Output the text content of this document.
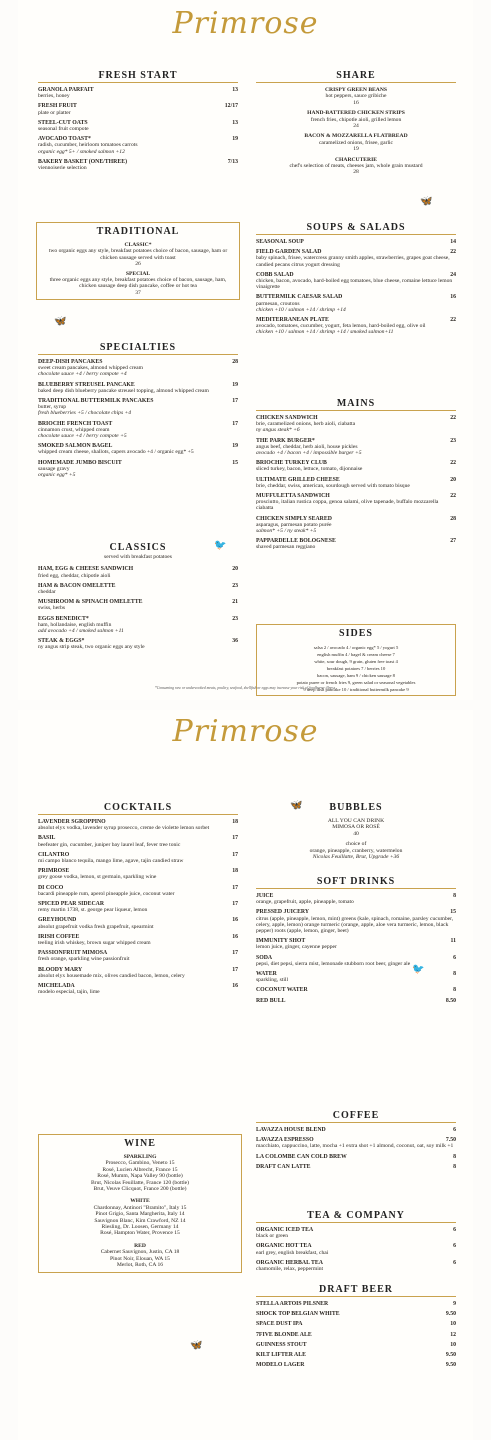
Primrose
FRESH START
GRANOLA PARFAIT	13
berries, honey
FRESH FRUIT	12/17
plate or platter
STEEL-CUT OATS	13
seasonal fruit compote
AVOCADO TOAST*	19
radish, cucumber, heirloom tomatoes carrots
organic egg* 5+ / smoked salmon +12
BAKERY BASKET (ONE/THREE)	7/13
viennoiserie selection
SHARE
CRISPY GREEN BEANS
hot peppers, sauce gribiche
16
HAND-BATTERED CHICKEN STRIPS
french fries, chipotle aioli, grilled lemon
24
BACON & MOZZARELLA FLATBREAD
caramelized onions, frisee, garlic
19
CHARCUTERIE
chef's selection of meats, cheeses jam, whole grain mustard
28
TRADITIONAL
CLASSIC*
two organic eggs any style, breakfast potatoes choice of bacon, sausage, ham or chicken sausage served with toast
26
SPECIAL
three organic eggs any style, breakfast potatoes choice of bacon, sausage, ham, chicken sausage deep dish pancake, coffee or hot tea
37
🦋
SOUPS & SALADS
SEASONAL SOUP	14
FIELD GARDEN SALAD	22
baby spinach, frisee, watercress granny smith apples, strawberries, grapes goat cheese, candied pecans citrus yogurt dressing
COBB SALAD	24
chicken, bacon, avocado, hard-boiled egg tomatoes, blue cheese, romaine lettuce lemon vinaigrette
BUTTERMILK CAESAR SALAD	16
parmesan, croutons
chicken +10 / salmon +14 / shrimp +14
MEDITERRANEAN PLATE	22
avocado, tomatoes, cucumber, yogurt, feta lemon, hard-boiled egg, olive oil
chicken +10 / salmon +14 / shrimp +14 / smoked salmon+11
🦋
SPECIALTIES
DEEP-DISH PANCAKES	28
sweet cream pancakes, almond whipped cream
chocolate sauce +4 / berry compote +4
BLUEBERRY STREUSEL PANCAKE	19
baked deep dish blueberry pancake streusel topping, almond whipped cream
TRADITIONAL BUTTERMILK PANCAKES	17
butter, syrup
fresh blueberries +5 / chocolate chips +4
BRIOCHE FRENCH TOAST	17
cinnamon crust, whipped cream
chocolate sauce +4 / berry compote +5
SMOKED SALMON BAGEL	19
whipped cream cheese, shallots, capers avocado +4 / organic egg* +5
HOMEMADE JUMBO BISCUIT	15
sausage gravy
organic egg* +5
MAINS
CHICKEN SANDWICH	22
brie, caramelized onions, herb aioli, ciabatta
ny angus steak* +6
THE PARK BURGER*	23
angus beef, cheddar, herb aioli, house pickles
avocado +4 / bacon +4 / impossible burger +5
BRIOCHE TURKEY CLUB	22
sliced turkey, bacon, lettuce, tomato, dijonnaise
ULTIMATE GRILLED CHEESE	20
brie, cheddar, swiss, american, sourdough served with tomato bisque
MUFFULETTA SANDWICH	22
prosciutto, italian rustica coppa, genoa salami, olive tapenade, buffalo mozzarella ciabatta
CHICKEN SIMPLY SEARED	28
asparagus, parmesan potato purée
salmon* +5 / ny steak* +5
PAPPARDELLE BOLOGNESE	27
shaved parmesan reggiano
CLASSICS
served with breakfast potatoes
HAM, EGG & CHEESE SANDWICH	20
fried egg, cheddar, chipotle aioli
HAM & BACON OMELETTE	23
cheddar
MUSHROOM & SPINACH OMELETTE	21
swiss, herbs
EGGS BENEDICT*	23
ham, hollandaise, english muffin
add avocado +4 / smoked salmon +11
STEAK & EGGS*	36
ny angus strip steak, two organic eggs any style
🐦
SIDES
salsa 2 / avocado 4 / organic egg* 5 / yogurt 5
english muffin 4 / bagel & cream cheese 7
white, sour dough, 9 grain, gluten free toast 4
breakfast potatoes 7 / berries 10
bacon, sausage, ham 9 / chicken sausage 8
potato puree or french fries 9, green salad or seasonal vegetables
9 deep dish pancake 10 / traditional buttermilk pancake 9
*Consuming raw or undercooked meats, poultry, seafood, shellfish or eggs may increase your risk of foodborne illness.
Primrose
COCKTAILS
LAVENDER SGROPPINO	18
absolut elyx vodka, lavender syrup prosecco, creme de violette lemon sorbet
BASIL	17
beefeater gin, cucumber, juniper bay laurel leaf, fever tree tonic
CILANTRO	17
mi campo blanco tequila, mango lime, agave, tajin candied straw
PRIMROSE	18
grey goose vodka, lemon, st germain, sparkling wine
DI COCO	17
bacardi pineapple rum, aperol pineapple juice, coconut water
SPICED PEAR SIDECAR	17
remy martin 1738, st. george pear liqueur, lemon
GREYHOUND	16
absolut grapefruit vodka fresh grapefruit, spearmint
IRISH COFFEE	16
teeling irish whiskey, brown sugar whipped cream
PASSIONFRUIT MIMOSA	17
fresh orange, sparkling wine passionfruit
BLOODY MARY	17
absolut elyx housemade mix, olives candied bacon, lemon, celery
MICHELADA	16
modelo especial, tajin, lime
BUBBLES
ALL YOU CAN DRINK
MIMOSA OR ROSÉ
40
choice of
orange, pineapple, cranberry, watermelon
Nicolas Feuillatte, Brut, Upgrade +36
🦋
SOFT DRINKS
JUICE	8
orange, grapefruit, apple, pineapple, tomato
PRESSED JUICERY	15
citrus (apple, pineapple, lemon, mint) greens (kale, spinach, romaine, parsley cucumber, celery, apple, lemon) orange turmeric (orange, apple, aloe vera turmeric, lemon, black pepper) roots (apple, lemon, ginger, beet)
IMMUNITY SHOT	11
lemon juice, ginger, cayenne pepper
SODA	6
pepsi, diet pepsi, sierra mist, lemonade stubborn root beer, ginger ale
WATER	8
sparkling, still
COCONUT WATER	8
RED BULL	8.50
🐦
COFFEE
LAVAZZA HOUSE BLEND	6
LAVAZZA ESPRESSO	7.50
macchiato, cappuccino, latte, mocha +1 extra shot +1 almond, coconut, oat, soy milk +1
LA COLOMBE CAN COLD BREW	8
DRAFT CAN LATTE	8
TEA & COMPANY
ORGANIC ICED TEA	6
black or green
ORGANIC HOT TEA	6
earl grey, english breakfast, chai
ORGANIC HERBAL TEA	6
chamomile, relax, peppermint
DRAFT BEER
STELLA ARTOIS PILSNER	9
SHOCK TOP BELGIAN WHITE	9.50
SPACE DUST IPA	10
7FIVE BLONDE ALE	12
GUINNESS STOUT	10
KILT LIFTER ALE	9.50
MODELO LAGER	9.50
WINE
SPARKLING
Prosecco, Gambino, Veneto 15
Rosé, Lucien Albrecht, France 15
Rosé, Mumm, Napa Valley 90 (bottle)
Brut, Nicolas Feuillatte, France 120 (bottle)
Brut, Veuve Clicquot, France 200 (bottle)
WHITE
Chardonnay, Antinori "Bramito", Italy 15
Pinot Grigio, Santa Margherita, Italy 14
Sauvignon Blanc, Kim Crawford, NZ 14
Riesling, Dr. Loosen, Germany 14
Rosé, Hampton Water, Provence 15
RED
Cabernet Sauvignon, Justin, CA 18
Pinot Noir, Elouan, WA 15
Merlot, Roth, CA 16
🦋
